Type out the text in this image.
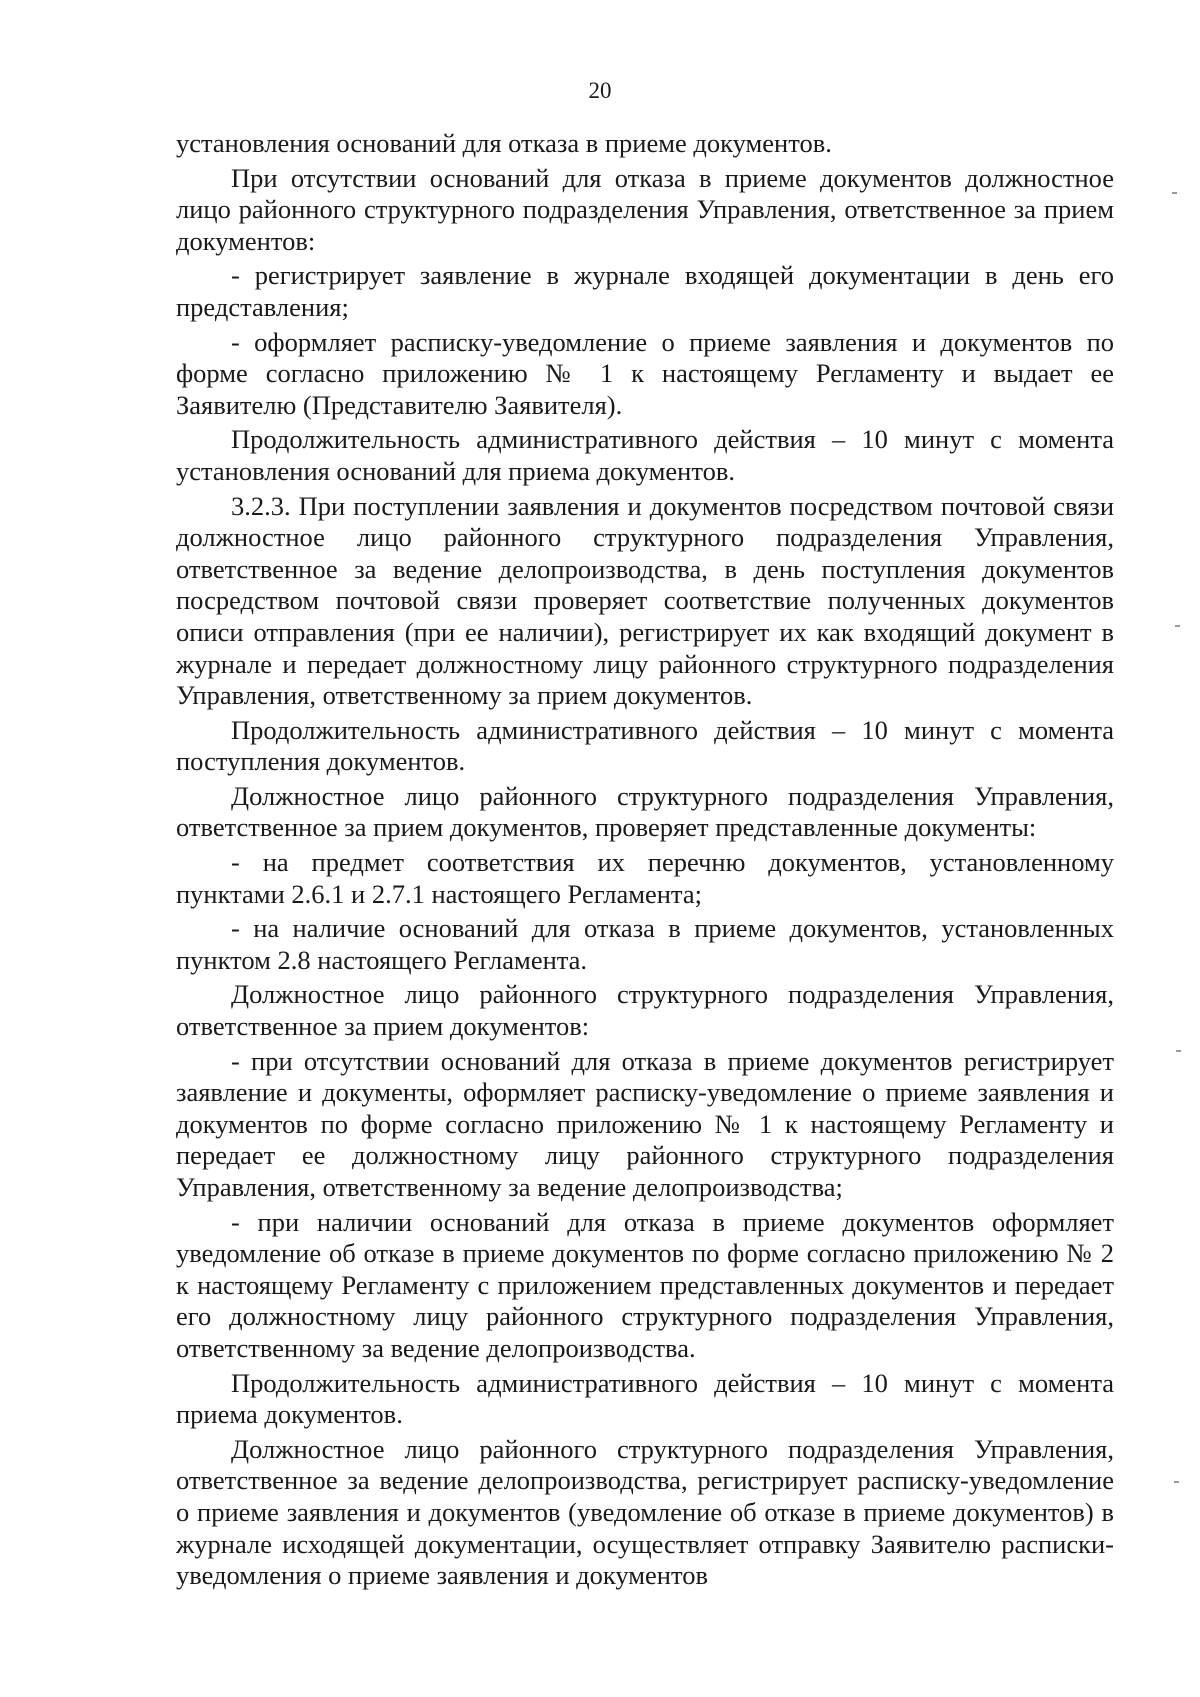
20

установления оснований для отказа в приеме документов.

При отсутствии оснований для отказа в приеме документов должностное лицо районного структурного подразделения Управления, ответственное за прием документов:

- регистрирует заявление в журнале входящей документации в день его представления;

- оформляет расписку-уведомление о приеме заявления и документов по форме согласно приложению № 1 к настоящему Регламенту и выдает ее Заявителю (Представителю Заявителя).

Продолжительность административного действия – 10 минут с момента установления оснований для приема документов.

3.2.3. При поступлении заявления и документов посредством почтовой связи должностное лицо районного структурного подразделения Управления, ответственное за ведение делопроизводства, в день поступления документов посредством почтовой связи проверяет соответствие полученных документов описи отправления (при ее наличии), регистрирует их как входящий документ в журнале и передает должностному лицу районного структурного подразделения Управления, ответственному за прием документов.

Продолжительность административного действия – 10 минут с момента поступления документов.

Должностное лицо районного структурного подразделения Управления, ответственное за прием документов, проверяет представленные документы:

- на предмет соответствия их перечню документов, установленному пунктами 2.6.1 и 2.7.1 настоящего Регламента;

- на наличие оснований для отказа в приеме документов, установленных пунктом 2.8 настоящего Регламента.

Должностное лицо районного структурного подразделения Управления, ответственное за прием документов:

- при отсутствии оснований для отказа в приеме документов регистрирует заявление и документы, оформляет расписку-уведомление о приеме заявления и документов по форме согласно приложению № 1 к настоящему Регламенту и передает ее должностному лицу районного структурного подразделения Управления, ответственному за ведение делопроизводства;

- при наличии оснований для отказа в приеме документов оформляет уведомление об отказе в приеме документов по форме согласно приложению № 2 к настоящему Регламенту с приложением представленных документов и передает его должностному лицу районного структурного подразделения Управления, ответственному за ведение делопроизводства.

Продолжительность административного действия – 10 минут с момента приема документов.

Должностное лицо районного структурного подразделения Управления, ответственное за ведение делопроизводства, регистрирует расписку-уведомление о приеме заявления и документов (уведомление об отказе в приеме документов) в журнале исходящей документации, осуществляет отправку Заявителю расписки-уведомления о приеме заявления и документов
